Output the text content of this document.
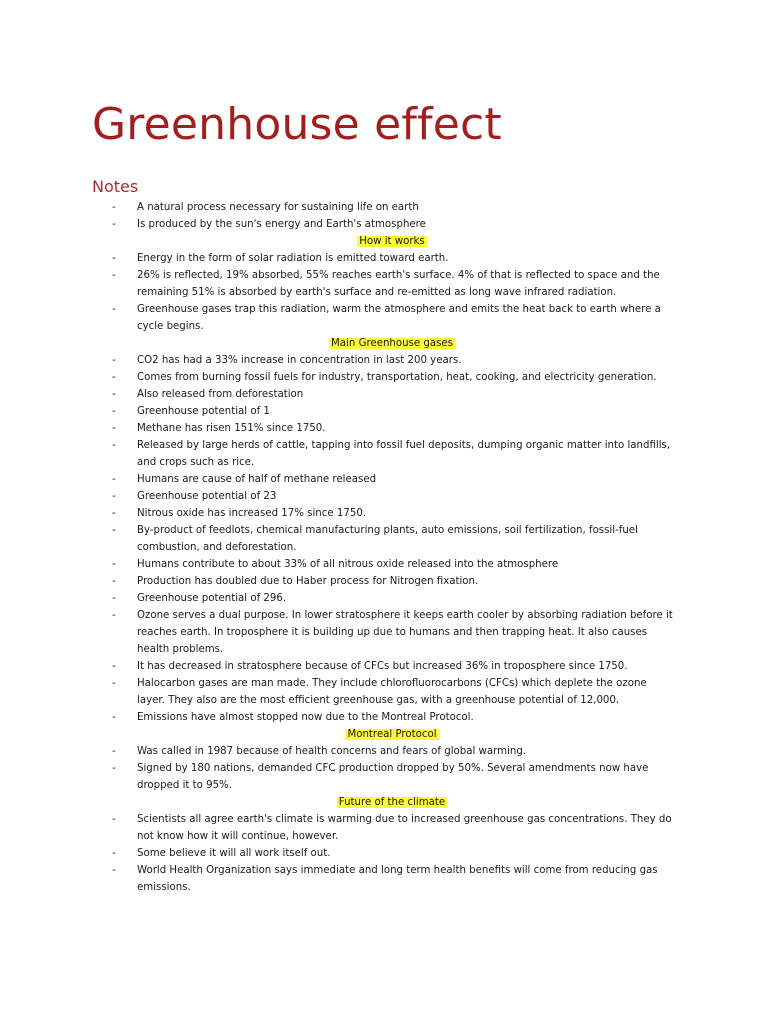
Greenhouse effect
Notes
- A natural process necessary for sustaining life on earth
- Is produced by the sun's energy and Earth's atmosphere
How it works
- Energy in the form of solar radiation is emitted toward earth.
- 26% is reflected, 19% absorbed, 55% reaches earth's surface. 4% of that is reflected to space and the
remaining 51% is absorbed by earth's surface and re-emitted as long wave infrared radiation.
- Greenhouse gases trap this radiation, warm the atmosphere and emits the heat back to earth where a
cycle begins.
Main Greenhouse gases
- CO2 has had a 33% increase in concentration in last 200 years.
- Comes from burning fossil fuels for industry, transportation, heat, cooking, and electricity generation.
- Also released from deforestation
- Greenhouse potential of 1
- Methane has risen 151% since 1750.
- Released by large herds of cattle, tapping into fossil fuel deposits, dumping organic matter into landfills,
and crops such as rice.
- Humans are cause of half of methane released
- Greenhouse potential of 23
- Nitrous oxide has increased 17% since 1750.
- By-product of feedlots, chemical manufacturing plants, auto emissions, soil fertilization, fossil-fuel
combustion, and deforestation.
- Humans contribute to about 33% of all nitrous oxide released into the atmosphere
- Production has doubled due to Haber process for Nitrogen fixation.
- Greenhouse potential of 296.
- Ozone serves a dual purpose. In lower stratosphere it keeps earth cooler by absorbing radiation before it
reaches earth. In troposphere it is building up due to humans and then trapping heat. It also causes
health problems.
- It has decreased in stratosphere because of CFCs but increased 36% in troposphere since 1750.
- Halocarbon gases are man made. They include chlorofluorocarbons (CFCs) which deplete the ozone
layer. They also are the most efficient greenhouse gas, with a greenhouse potential of 12,000.
- Emissions have almost stopped now due to the Montreal Protocol.
Montreal Protocol
- Was called in 1987 because of health concerns and fears of global warming.
- Signed by 180 nations, demanded CFC production dropped by 50%. Several amendments now have
dropped it to 95%.
Future of the climate
- Scientists all agree earth's climate is warming due to increased greenhouse gas concentrations. They do
not know how it will continue, however.
- Some believe it will all work itself out.
- World Health Organization says immediate and long term health benefits will come from reducing gas
emissions.
